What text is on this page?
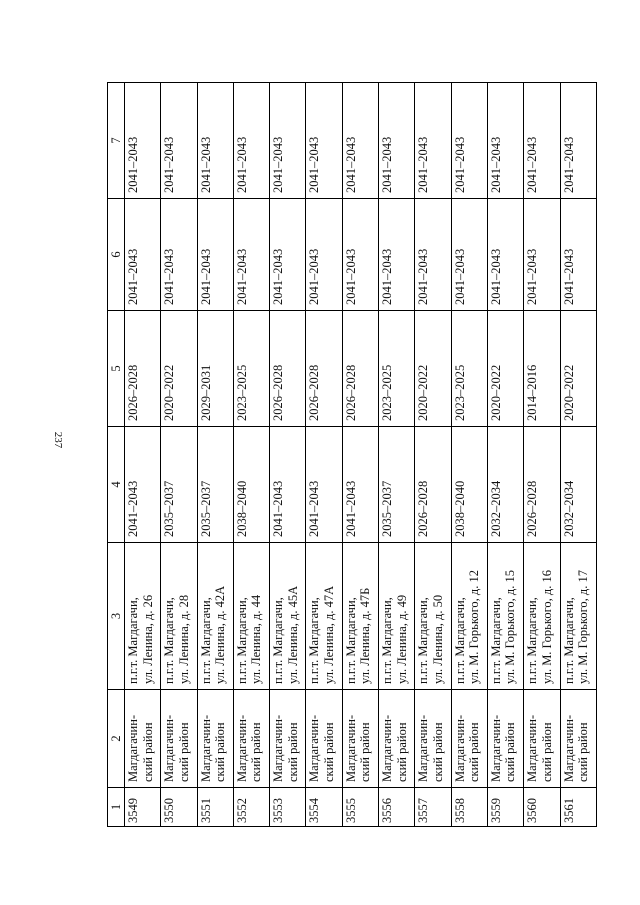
237
1	2	3	4	5	6	7
3549	Магдагачин- ский район	п.г.т. Магдагачи, ул. Ленина, д. 26	2041–2043	2026–2028	2041–2043	2041–2043
3550	Магдагачин- ский район	п.г.т. Магдагачи, ул. Ленина, д. 28	2035–2037	2020–2022	2041–2043	2041–2043
3551	Магдагачин- ский район	п.г.т. Магдагачи, ул. Ленина, д. 42А	2035–2037	2029–2031	2041–2043	2041–2043
3552	Магдагачин- ский район	п.г.т. Магдагачи, ул. Ленина, д. 44	2038–2040	2023–2025	2041–2043	2041–2043
3553	Магдагачин- ский район	п.г.т. Магдагачи, ул. Ленина, д. 45А	2041–2043	2026–2028	2041–2043	2041–2043
3554	Магдагачин- ский район	п.г.т. Магдагачи, ул. Ленина, д. 47А	2041–2043	2026–2028	2041–2043	2041–2043
3555	Магдагачин- ский район	п.г.т. Магдагачи, ул. Ленина, д. 47Б	2041–2043	2026–2028	2041–2043	2041–2043
3556	Магдагачин- ский район	п.г.т. Магдагачи, ул. Ленина, д. 49	2035–2037	2023–2025	2041–2043	2041–2043
3557	Магдагачин- ский район	п.г.т. Магдагачи, ул. Ленина, д. 50	2026–2028	2020–2022	2041–2043	2041–2043
3558	Магдагачин- ский район	п.г.т. Магдагачи, ул. М. Горького, д. 12	2038–2040	2023–2025	2041–2043	2041–2043
3559	Магдагачин- ский район	п.г.т. Магдагачи, ул. М. Горького, д. 15	2032–2034	2020–2022	2041–2043	2041–2043
3560	Магдагачин- ский район	п.г.т. Магдагачи, ул. М. Горького, д. 16	2026–2028	2014–2016	2041–2043	2041–2043
3561	Магдагачин- ский район	п.г.т. Магдагачи, ул. М. Горького, д. 17	2032–2034	2020–2022	2041–2043	2041–2043
